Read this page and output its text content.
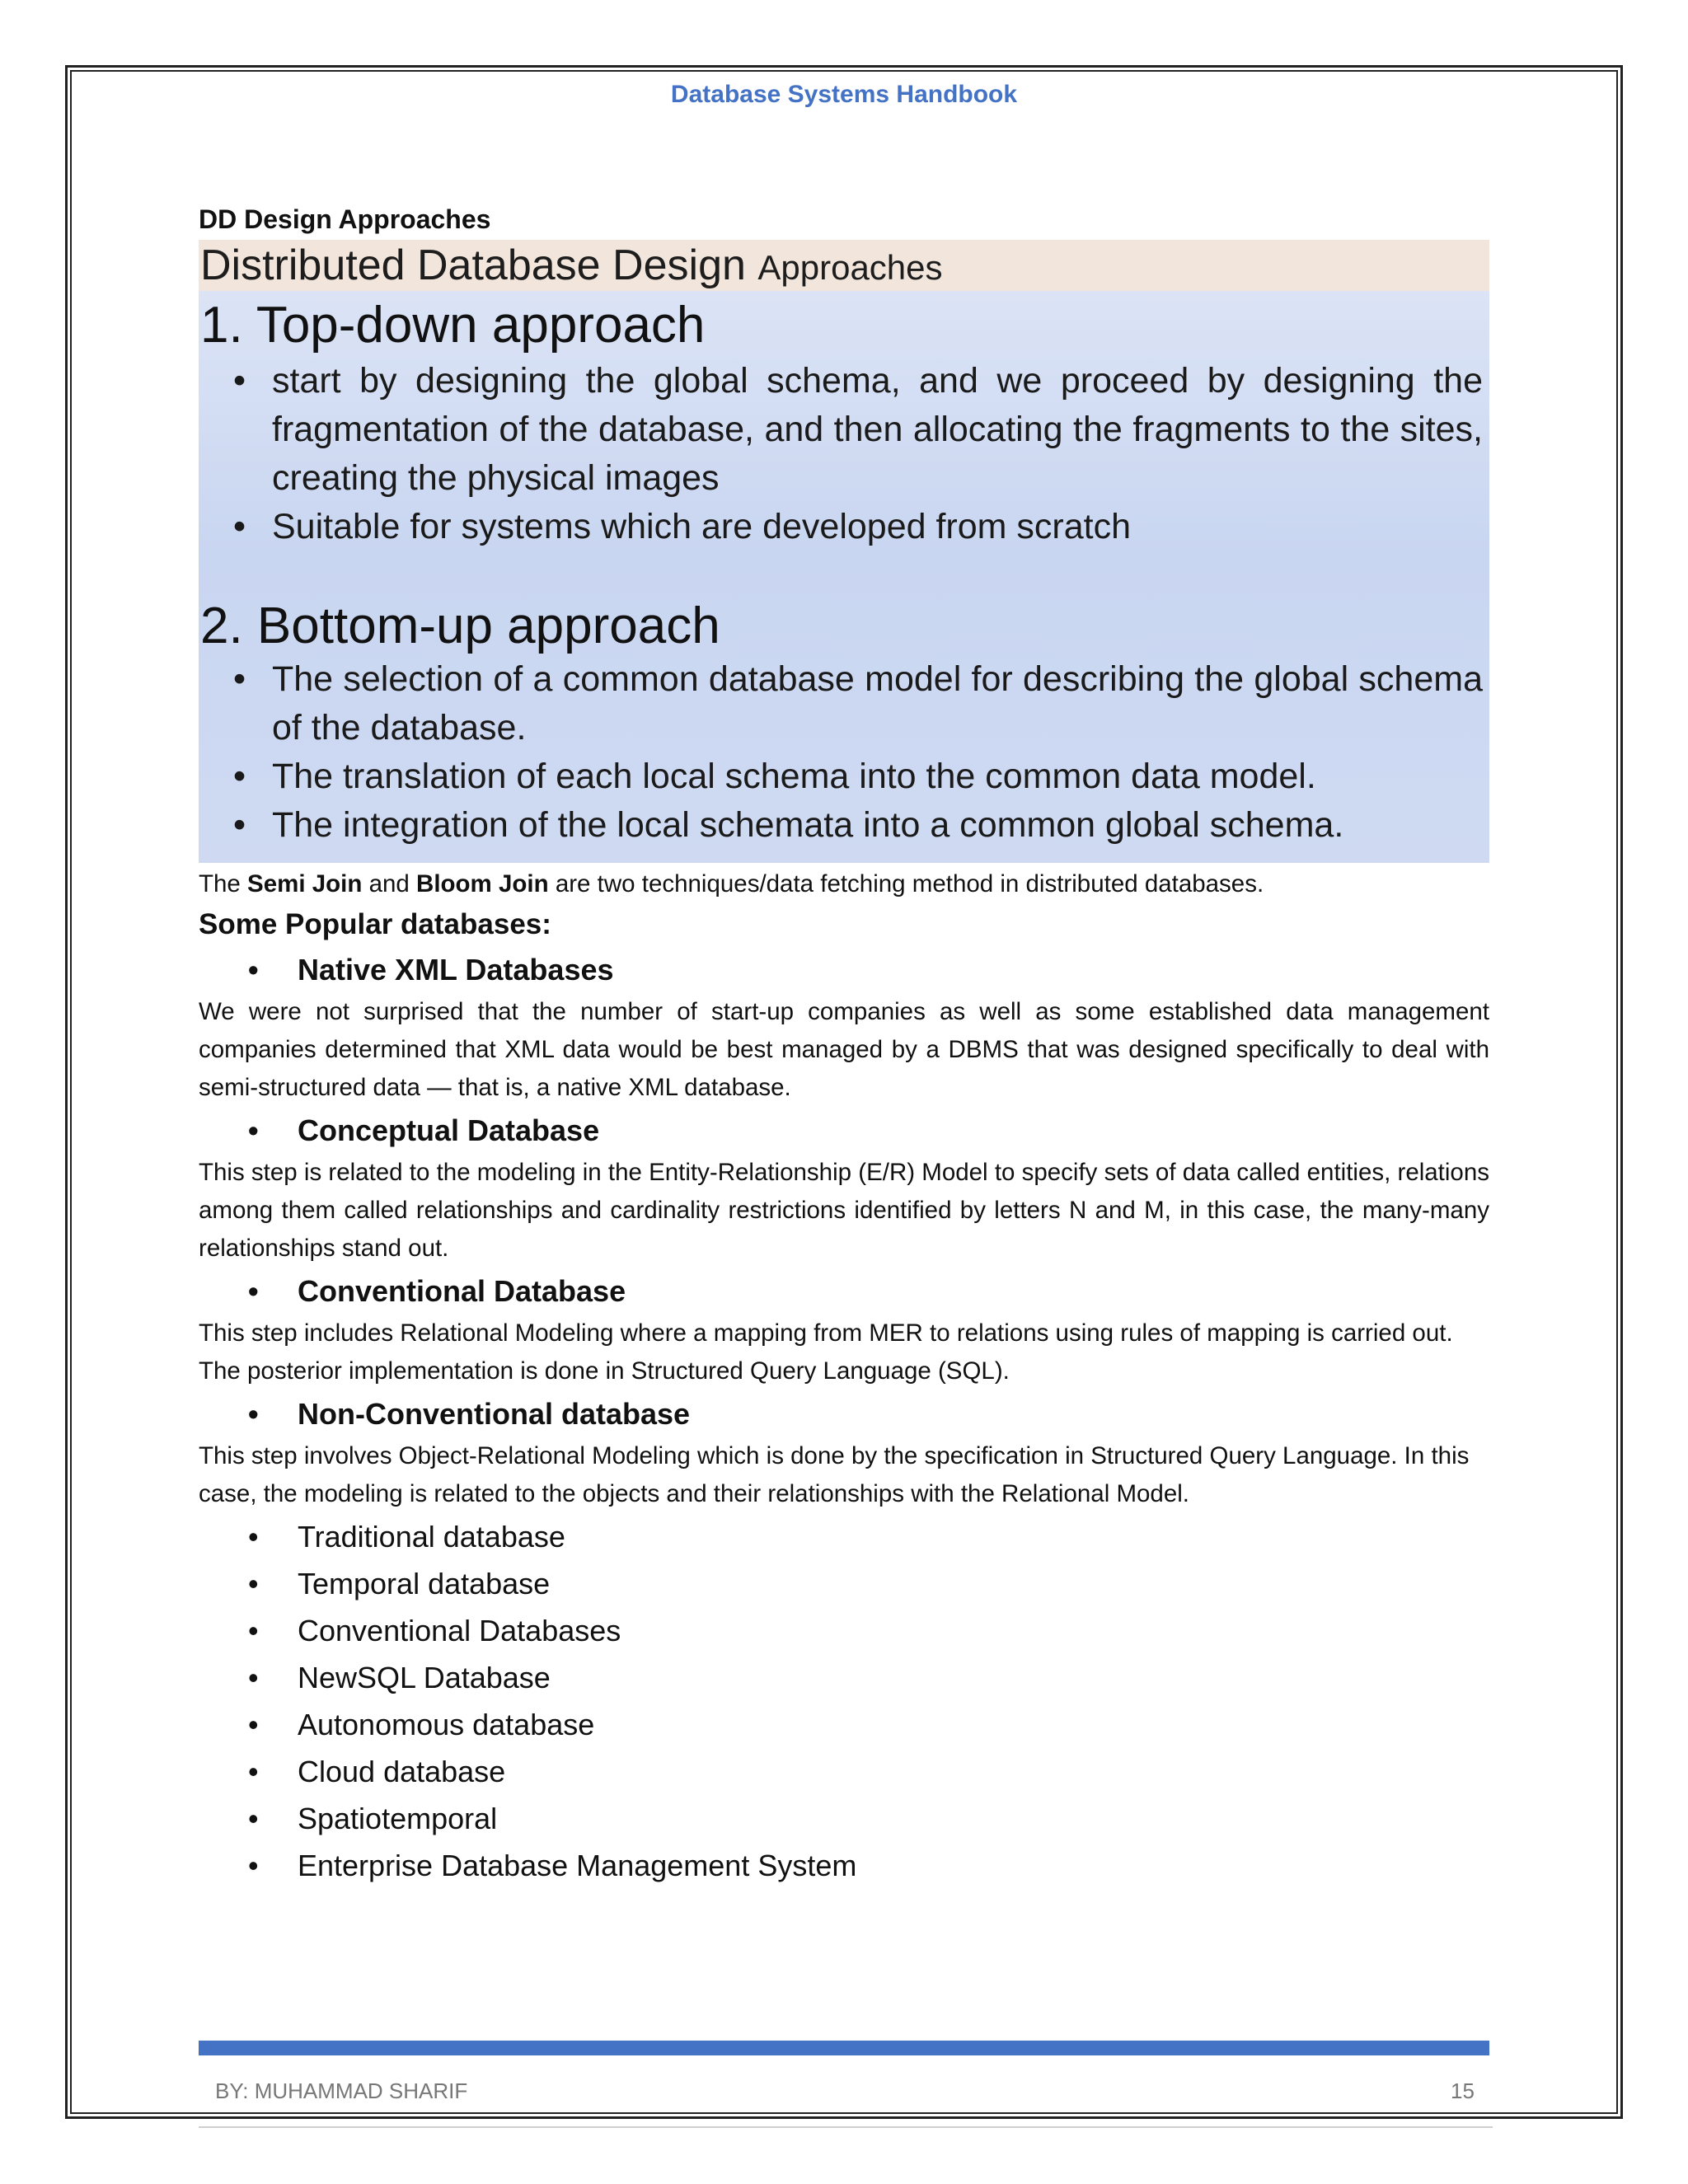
Database Systems Handbook
DD Design Approaches
Distributed Database Design Approaches
1. Top-down approach
• start by designing the global schema, and we proceed by designing the fragmentation of the database, and then allocating the fragments to the sites, creating the physical images
• Suitable for systems which are developed from scratch
2. Bottom-up approach
• The selection of a common database model for describing the global schema of the database.
• The translation of each local schema into the common data model.
• The integration of the local schemata into a common global schema.

The Semi Join and Bloom Join are two techniques/data fetching method in distributed databases.

Some Popular databases:

• Native XML Databases

We were not surprised that the number of start-up companies as well as some established data management companies determined that XML data would be best managed by a DBMS that was designed specifically to deal with semi-structured data — that is, a native XML database.

• Conceptual Database

This step is related to the modeling in the Entity-Relationship (E/R) Model to specify sets of data called entities, relations among them called relationships and cardinality restrictions identified by letters N and M, in this case, the many-many relationships stand out.

• Conventional Database

This step includes Relational Modeling where a mapping from MER to relations using rules of mapping is carried out. The posterior implementation is done in Structured Query Language (SQL).

• Non-Conventional database

This step involves Object-Relational Modeling which is done by the specification in Structured Query Language. In this case, the modeling is related to the objects and their relationships with the Relational Model.

• Traditional database
• Temporal database
• Conventional Databases
• NewSQL Database
• Autonomous database
• Cloud database
• Spatiotemporal
• Enterprise Database Management System
BY: MUHAMMAD SHARIF	15
